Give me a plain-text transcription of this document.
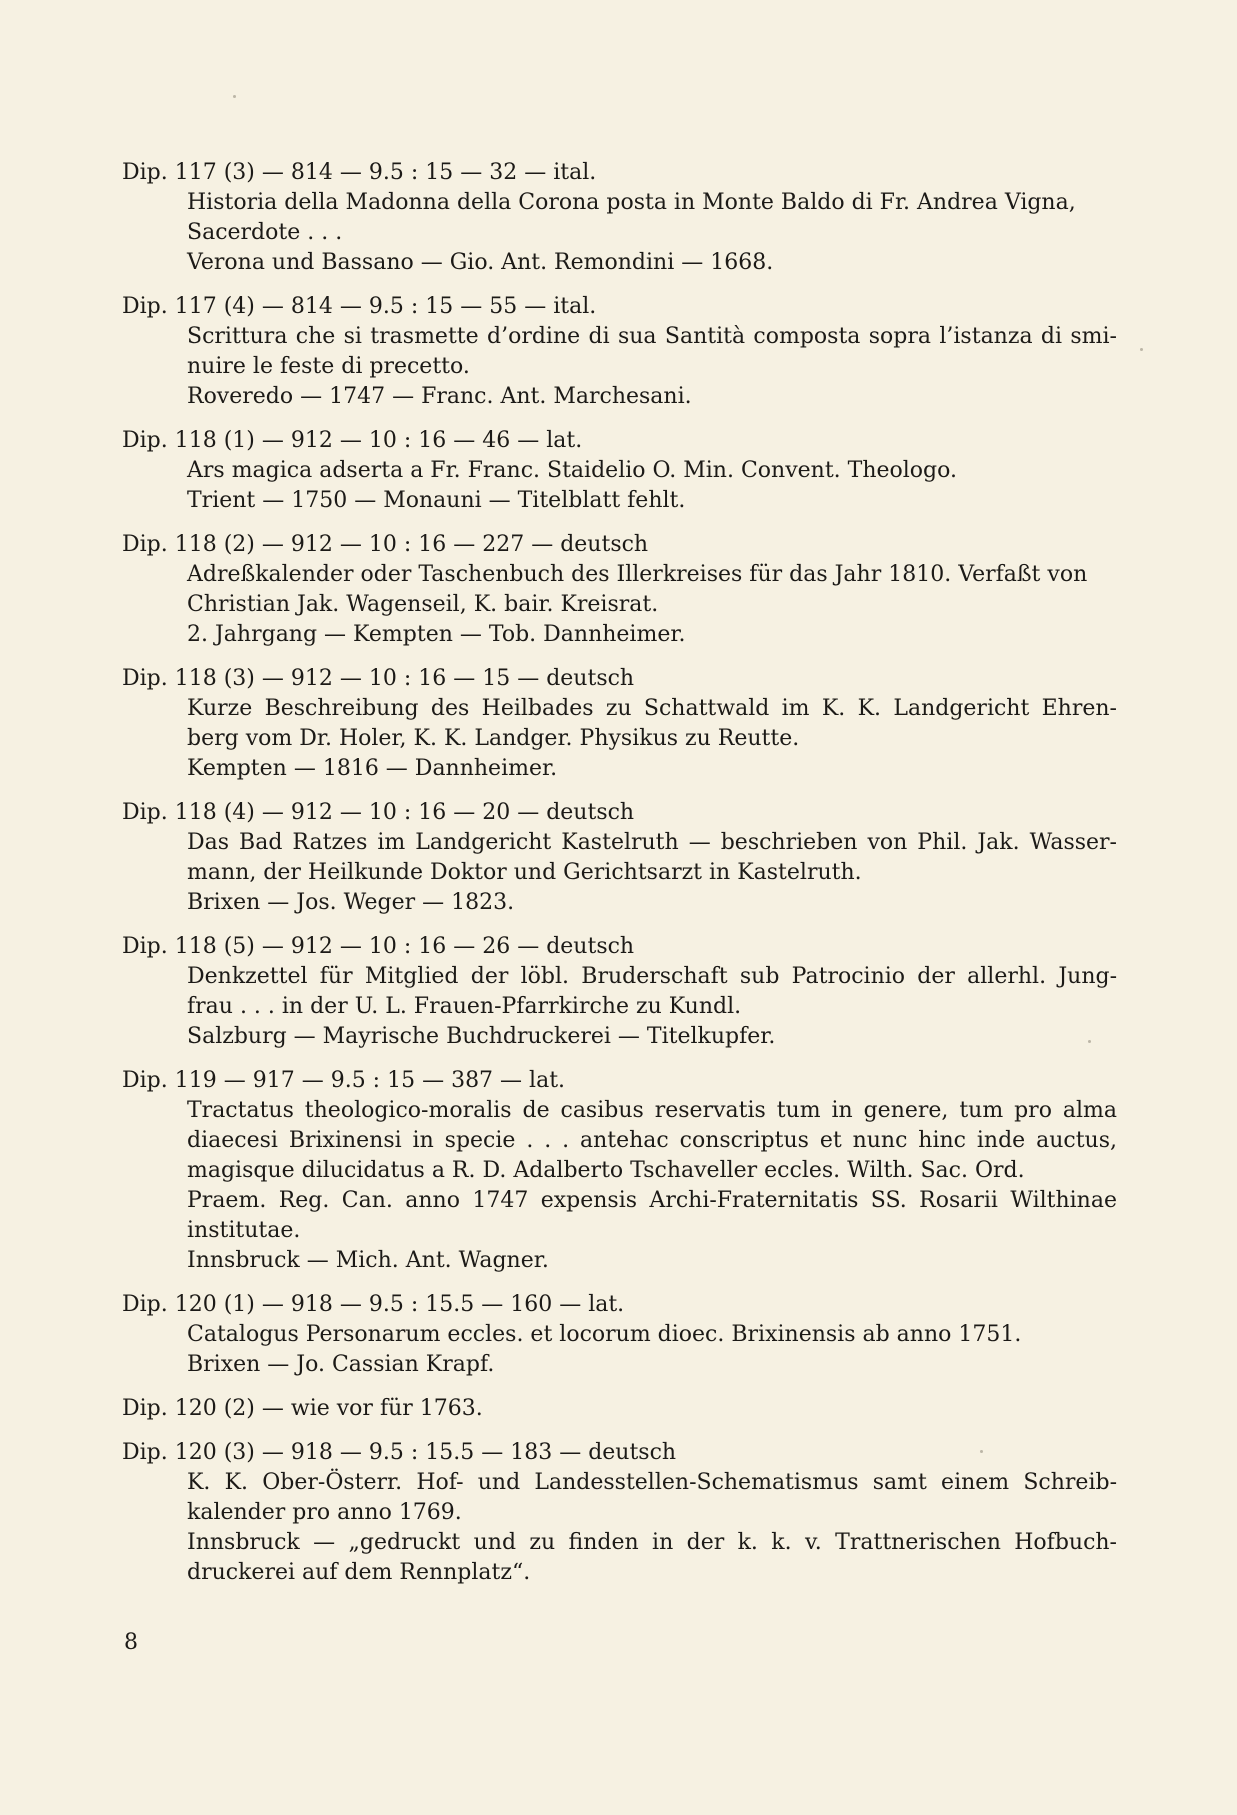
Dip. 117 (3) — 814 — 9.5 : 15 — 32 — ital.
Historia della Madonna della Corona posta in Monte Baldo di Fr. Andrea Vigna,
Sacerdote . . .
Verona und Bassano — Gio. Ant. Remondini — 1668.
Dip. 117 (4) — 814 — 9.5 : 15 — 55 — ital.
Scrittura che si trasmette d’ordine di sua Santità composta sopra l’istanza di smi-
nuire le feste di precetto.
Roveredo — 1747 — Franc. Ant. Marchesani.
Dip. 118 (1) — 912 — 10 : 16 — 46 — lat.
Ars magica adserta a Fr. Franc. Staidelio O. Min. Convent. Theologo.
Trient — 1750 — Monauni — Titelblatt fehlt.
Dip. 118 (2) — 912 — 10 : 16 — 227 — deutsch
Adreßkalender oder Taschenbuch des Illerkreises für das Jahr 1810. Verfaßt von
Christian Jak. Wagenseil, K. bair. Kreisrat.
2. Jahrgang — Kempten — Tob. Dannheimer.
Dip. 118 (3) — 912 — 10 : 16 — 15 — deutsch
Kurze Beschreibung des Heilbades zu Schattwald im K. K. Landgericht Ehren-
berg vom Dr. Holer, K. K. Landger. Physikus zu Reutte.
Kempten — 1816 — Dannheimer.
Dip. 118 (4) — 912 — 10 : 16 — 20 — deutsch
Das Bad Ratzes im Landgericht Kastelruth — beschrieben von Phil. Jak. Wasser-
mann, der Heilkunde Doktor und Gerichtsarzt in Kastelruth.
Brixen — Jos. Weger — 1823.
Dip. 118 (5) — 912 — 10 : 16 — 26 — deutsch
Denkzettel für Mitglied der löbl. Bruderschaft sub Patrocinio der allerhl. Jung-
frau . . . in der U. L. Frauen-Pfarrkirche zu Kundl.
Salzburg — Mayrische Buchdruckerei — Titelkupfer.
Dip. 119 — 917 — 9.5 : 15 — 387 — lat.
Tractatus theologico-moralis de casibus reservatis tum in genere, tum pro alma
diaecesi Brixinensi in specie . . . antehac conscriptus et nunc hinc inde auctus,
magisque dilucidatus a R. D. Adalberto Tschaveller eccles. Wilth. Sac. Ord.
Praem. Reg. Can. anno 1747 expensis Archi-Fraternitatis SS. Rosarii Wilthinae
institutae.
Innsbruck — Mich. Ant. Wagner.
Dip. 120 (1) — 918 — 9.5 : 15.5 — 160 — lat.
Catalogus Personarum eccles. et locorum dioec. Brixinensis ab anno 1751.
Brixen — Jo. Cassian Krapf.
Dip. 120 (2) — wie vor für 1763.
Dip. 120 (3) — 918 — 9.5 : 15.5 — 183 — deutsch
K. K. Ober-Österr. Hof- und Landesstellen-Schematismus samt einem Schreib-
kalender pro anno 1769.
Innsbruck — „gedruckt und zu finden in der k. k. v. Trattnerischen Hofbuch-
druckerei auf dem Rennplatz“.
8
